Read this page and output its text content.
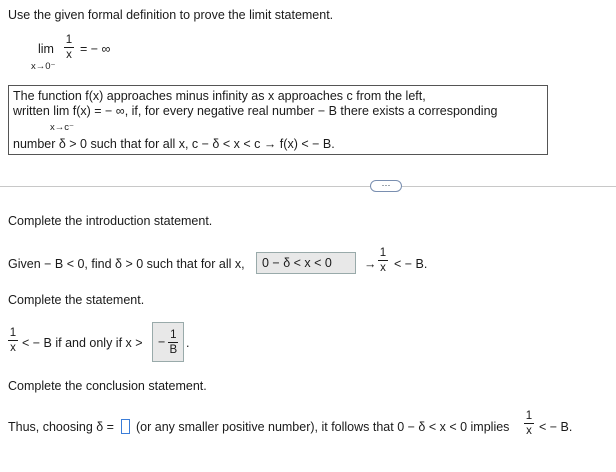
Use the given formal definition to prove the limit statement.
lim
1
x = − ∞
x→0⁻
The function f(x) approaches minus infinity as x approaches c from the left,
written lim f(x) = − ∞, if, for every negative real number − B there exists a corresponding
x→c⁻
number δ > 0 such that for all x, c − δ < x < c → f(x) < − B.
⋯
Complete the introduction statement.
Given − B < 0, find δ > 0 such that for all x, 0 − δ < x < 0	→
1
x < − B.
Complete the statement.
1
x < − B if and only if x > −
1
B .
Complete the conclusion statement.
Thus, choosing δ = (or any smaller positive number), it follows that 0 − δ < x < 0 implies
1
x < − B.
